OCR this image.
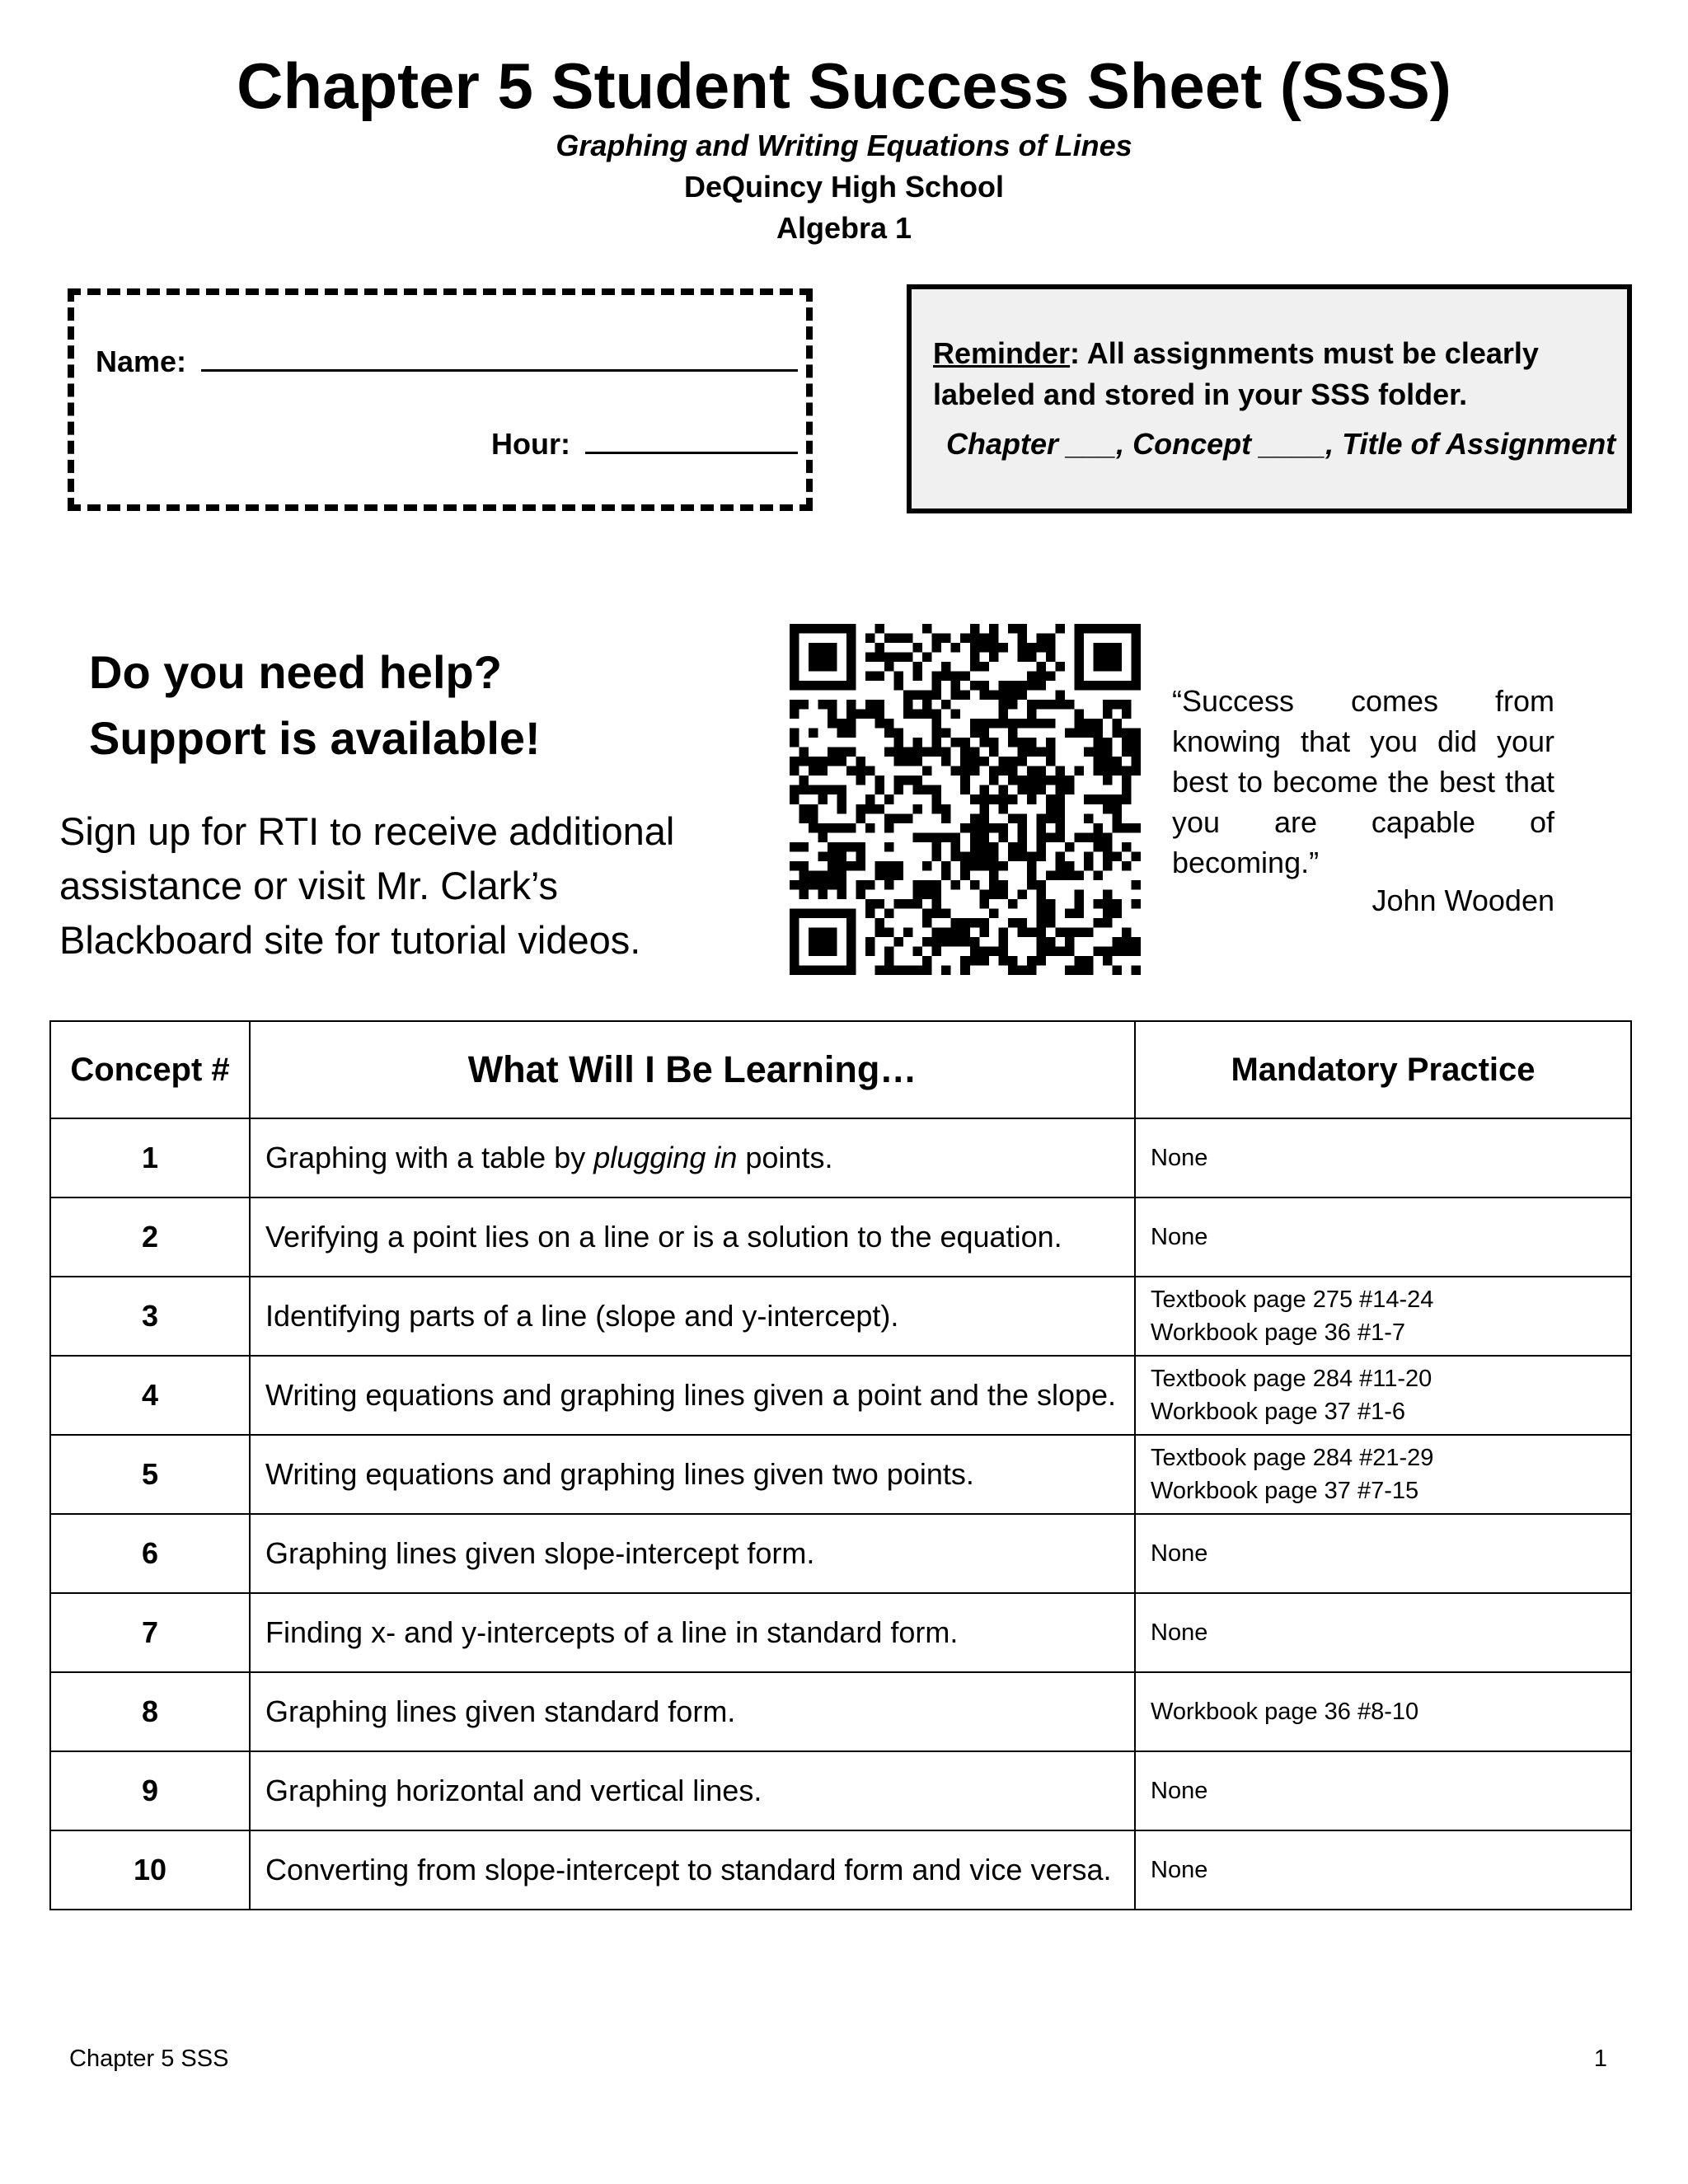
Chapter 5 Student Success Sheet (SSS)
Graphing and Writing Equations of Lines
DeQuincy High School
Algebra 1
Name:
Hour:
Reminder: All assignments must be clearly labeled and stored in your SSS folder.
Chapter ___, Concept ____, Title of Assignment
Do you need help?
Support is available!
Sign up for RTI to receive additional assistance or visit Mr. Clark’s Blackboard site for tutorial videos.
“Success comes from knowing that you did your best to become the best that you are capable of becoming.”
John Wooden
Concept #	What Will I Be Learning…	Mandatory Practice
1	Graphing with a table by plugging in points.	None

2	Verifying a point lies on a line or is a solution to the equation.	None

3	Identifying parts of a line (slope and y-intercept).	Textbook page 275 #14-24
Workbook page 36 #1-7

4	Writing equations and graphing lines given a point and the slope.	Textbook page 284 #11-20
Workbook page 37 #1-6

5	Writing equations and graphing lines given two points.	Textbook page 284 #21-29
Workbook page 37 #7-15

6	Graphing lines given slope-intercept form.	None

7	Finding x- and y-intercepts of a line in standard form.	None

8	Graphing lines given standard form.	Workbook page 36 #8-10

9	Graphing horizontal and vertical lines.	None

10	Converting from slope-intercept to standard form and vice versa.	None
Chapter 5 SSS	1
